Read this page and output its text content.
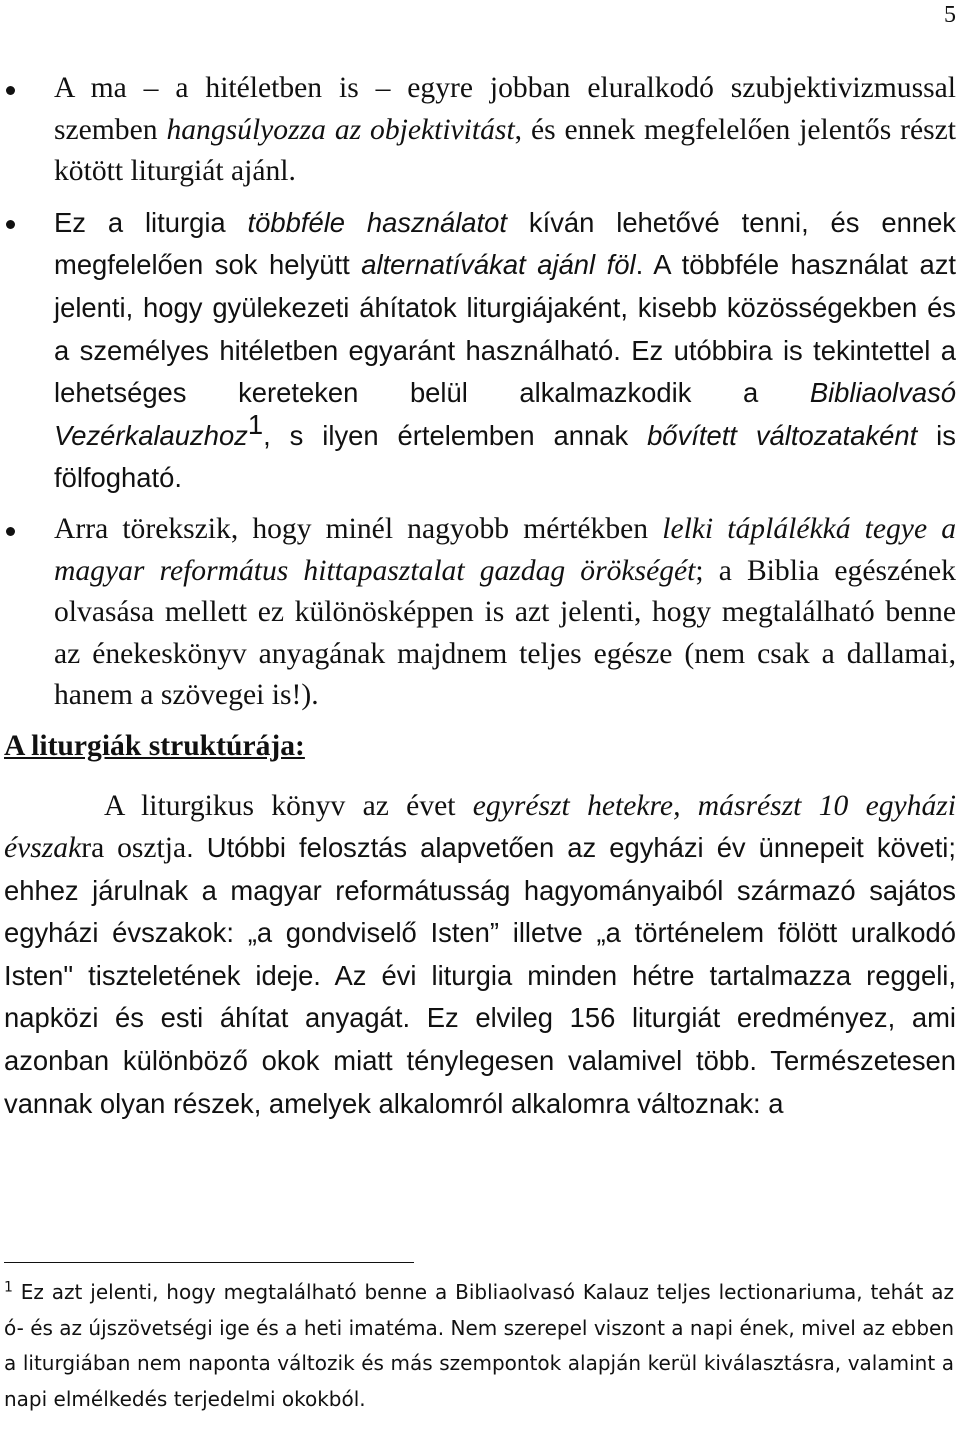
5
A ma – a hitéletben is – egyre jobban eluralkodó szubjektivizmussal szemben hangsúlyozza az objektivitást, és ennek megfelelően jelentős részt kötött liturgiát ajánl.
Ez a liturgia többféle használatot kíván lehetővé tenni, és ennek megfelelően sok helyütt alternatívákat ajánl föl. A többféle használat azt jelenti, hogy gyülekezeti áhítatok liturgiájaként, kisebb közösségekben és a személyes hitéletben egyaránt használható. Ez utóbbira is tekintettel a lehetséges kereteken belül alkalmazkodik a Bibliaolvasó Vezérkalauzhoz$^1$, s ilyen értelemben annak bővített változataként is fölfogható.
Arra törekszik, hogy minél nagyobb mértékben lelki táplálékká tegye a magyar református hittapasztalat gazdag örökségét; a Biblia egészének olvasása mellett ez különösképpen is azt jelenti, hogy megtalálható benne az énekeskönyv anyagának majdnem teljes egésze (nem csak a dallamai, hanem a szövegei is!).
A liturgiák struktúrája:
A liturgikus könyv az évet egyrészt hetekre, másrészt 10 egyházi évszakra osztja. Utóbbi felosztás alapvetően az egyházi év ünnepeit követi; ehhez járulnak a magyar reformátusság hagyományaiból származó sajátos egyházi évszakok: „a gondviselő Isten” illetve „a történelem fölött uralkodó Isten" tiszteletének ideje. Az évi liturgia minden hétre tartalmazza reggeli, napközi és esti áhítat anyagát. Ez elvileg 156 liturgiát eredményez, ami azonban különböző okok miatt ténylegesen valamivel több. Természetesen vannak olyan részek, amelyek alkalomról alkalomra változnak: a
$^1$ Ez azt jelenti, hogy megtalálható benne a Bibliaolvasó Kalauz teljes lectionariuma, tehát az ó- és az újszövetségi ige és a heti imatéma. Nem szerepel viszont a napi ének, mivel az ebben a liturgiában nem naponta változik és más szempontok alapján kerül kiválasztásra, valamint a napi elmélkedés terjedelmi okokból.
